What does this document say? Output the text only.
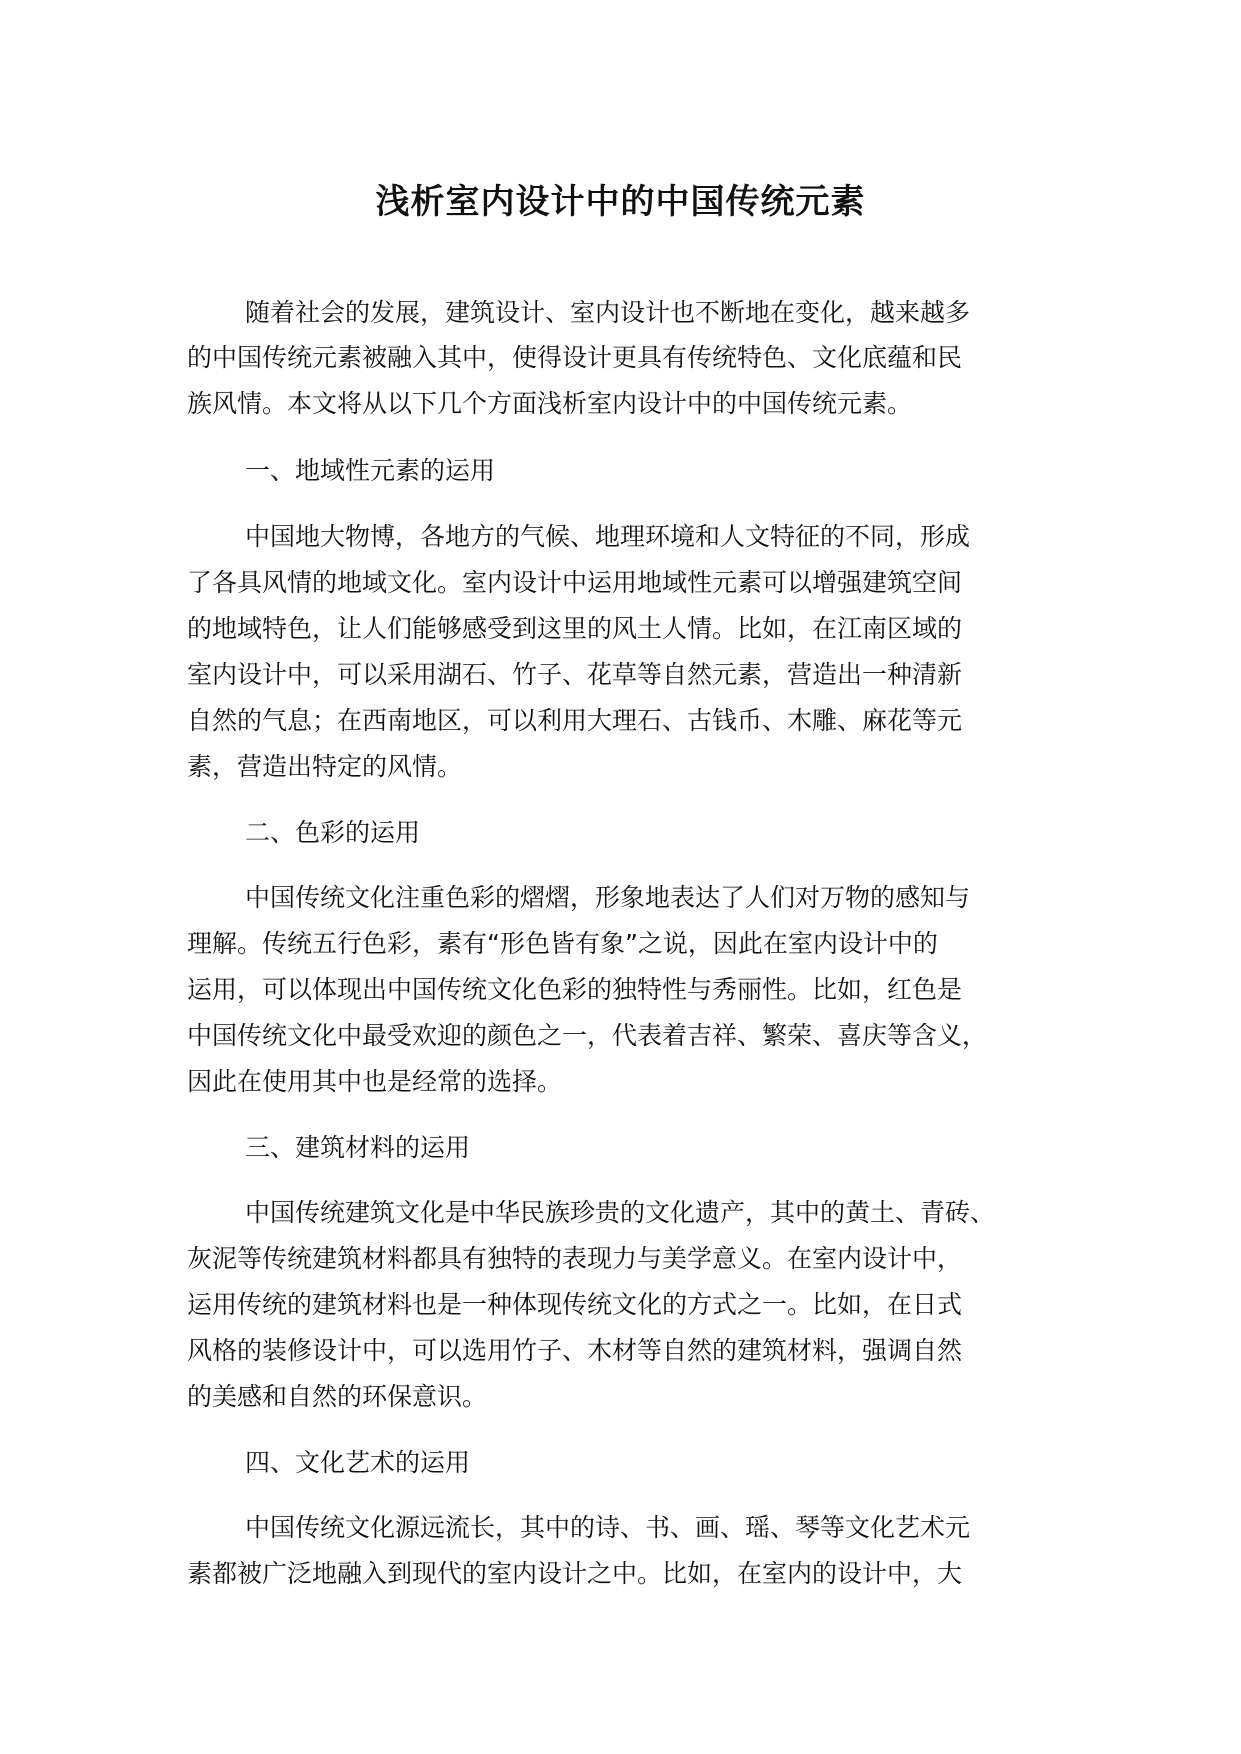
浅析室内设计中的中国传统元素
随着社会的发展，建筑设计、室内设计也不断地在变化，越来越多
的中国传统元素被融入其中，使得设计更具有传统特色、文化底蕴和民
族风情。本文将从以下几个方面浅析室内设计中的中国传统元素。
一、地域性元素的运用
中国地大物博，各地方的气候、地理环境和人文特征的不同，形成
了各具风情的地域文化。室内设计中运用地域性元素可以增强建筑空间
的地域特色，让人们能够感受到这里的风土人情。比如，在江南区域的
室内设计中，可以采用湖石、竹子、花草等自然元素，营造出一种清新
自然的气息；在西南地区，可以利用大理石、古钱币、木雕、麻花等元
素，营造出特定的风情。
二、色彩的运用
中国传统文化注重色彩的熠熠，形象地表达了人们对万物的感知与
理解。传统五行色彩，素有“形色皆有象”之说，因此在室内设计中的
运用，可以体现出中国传统文化色彩的独特性与秀丽性。比如，红色是
中国传统文化中最受欢迎的颜色之一，代表着吉祥、繁荣、喜庆等含义，
因此在使用其中也是经常的选择。
三、建筑材料的运用
中国传统建筑文化是中华民族珍贵的文化遗产，其中的黄土、青砖、
灰泥等传统建筑材料都具有独特的表现力与美学意义。在室内设计中，
运用传统的建筑材料也是一种体现传统文化的方式之一。比如，在日式
风格的装修设计中，可以选用竹子、木材等自然的建筑材料，强调自然
的美感和自然的环保意识。
四、文化艺术的运用
中国传统文化源远流长，其中的诗、书、画、瑶、琴等文化艺术元
素都被广泛地融入到现代的室内设计之中。比如，在室内的设计中，大
